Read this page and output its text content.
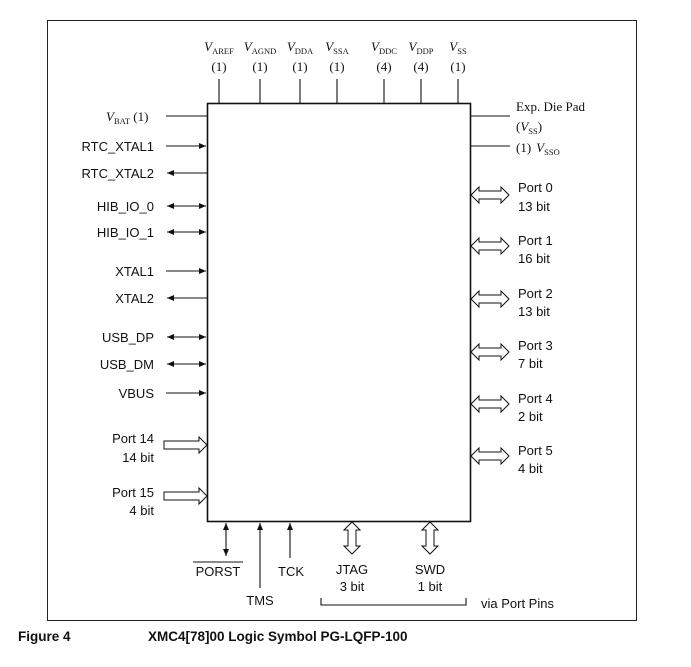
$V_{AREF}$
(1)
$V_{AGND}$
(1)
$V_{DDA}$
(1)
$V_{SSA}$
(1)
$V_{DDC}$
(4)
$V_{DDP}$
(4)
$V_{SS}$
(1)
$V_{BAT}$ (1)
RTC_XTAL1
RTC_XTAL2
HIB_IO_0
HIB_IO_1
XTAL1
XTAL2
USB_DP
USB_DM
VBUS
Port 14
14 bit
Port 15
4 bit
Exp. Die Pad
$(V_{SS})$
(1) $V_{SSO}$
Port 0
13 bit
Port 1
16 bit
Port 2
13 bit
Port 3
7 bit
Port 4
2 bit
Port 5
4 bit
PORST
TMS
TCK JTAG
3 bit
SWD
1 bit
via Port Pins
Figure 4	XMC4[78]00 Logic Symbol PG-LQFP-100
